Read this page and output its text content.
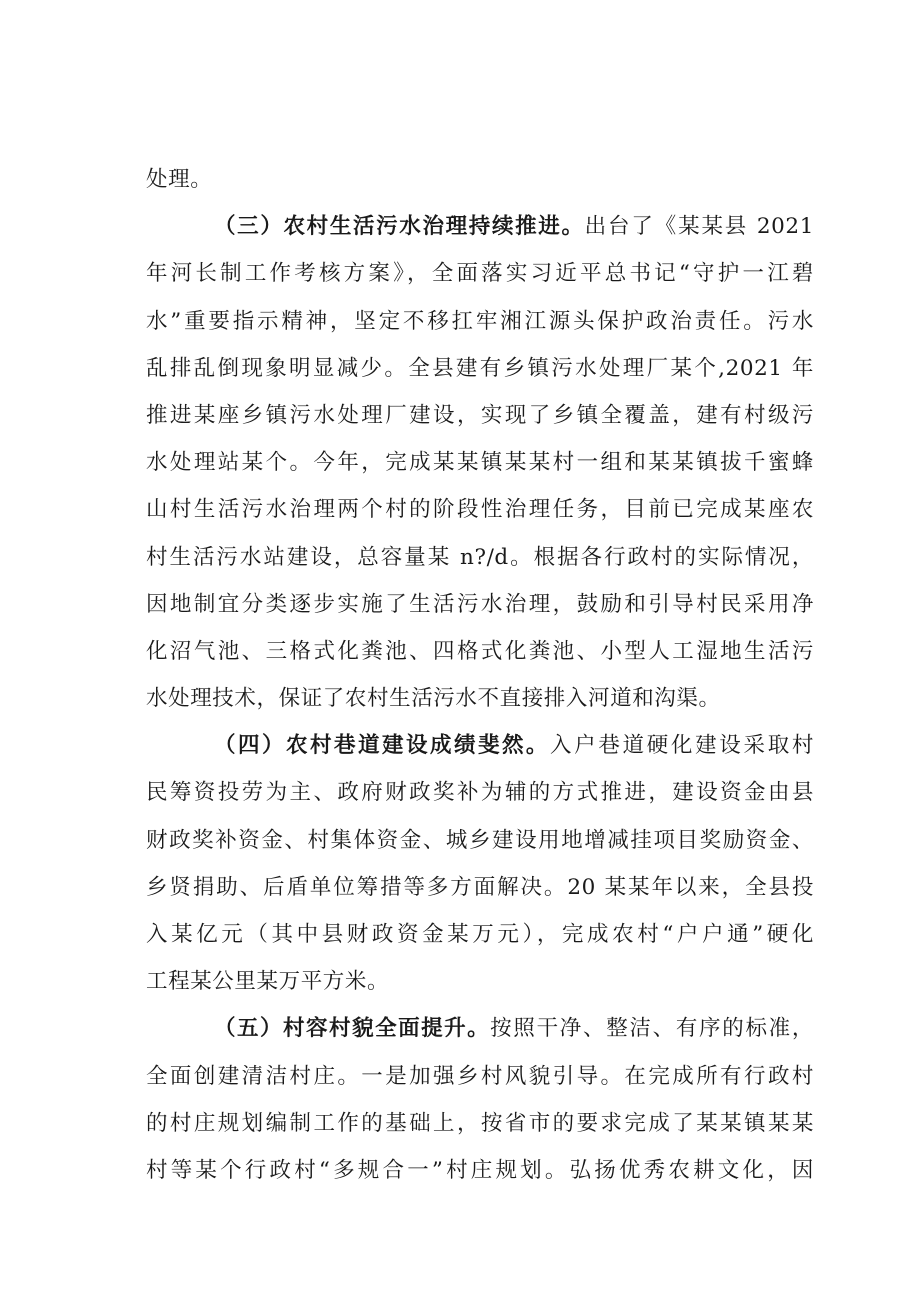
处理。
（三）农村生活污水治理持续推进。出台了《某某县 2021
年河长制工作考核方案》，全面落实习近平总书记“守护一江碧
水”重要指示精神，坚定不移扛牢湘江源头保护政治责任。污水
乱排乱倒现象明显减少。全县建有乡镇污水处理厂某个,2021 年
推进某座乡镇污水处理厂建设，实现了乡镇全覆盖，建有村级污
水处理站某个。今年，完成某某镇某某村一组和某某镇拔千蜜蜂
山村生活污水治理两个村的阶段性治理任务，目前已完成某座农
村生活污水站建设，总容量某 n?/d。根据各行政村的实际情况，
因地制宜分类逐步实施了生活污水治理，鼓励和引导村民采用净
化沼气池、三格式化粪池、四格式化粪池、小型人工湿地生活污
水处理技术，保证了农村生活污水不直接排入河道和沟渠。
（四）农村巷道建设成绩斐然。入户巷道硬化建设采取村
民筹资投劳为主、政府财政奖补为辅的方式推进，建设资金由县
财政奖补资金、村集体资金、城乡建设用地增减挂项目奖励资金、
乡贤捐助、后盾单位筹措等多方面解决。20 某某年以来，全县投
入某亿元（其中县财政资金某万元），完成农村“户户通”硬化
工程某公里某万平方米。
（五）村容村貌全面提升。按照干净、整洁、有序的标准，
全面创建清洁村庄。一是加强乡村风貌引导。在完成所有行政村
的村庄规划编制工作的基础上，按省市的要求完成了某某镇某某
村等某个行政村“多规合一”村庄规划。弘扬优秀农耕文化，因
